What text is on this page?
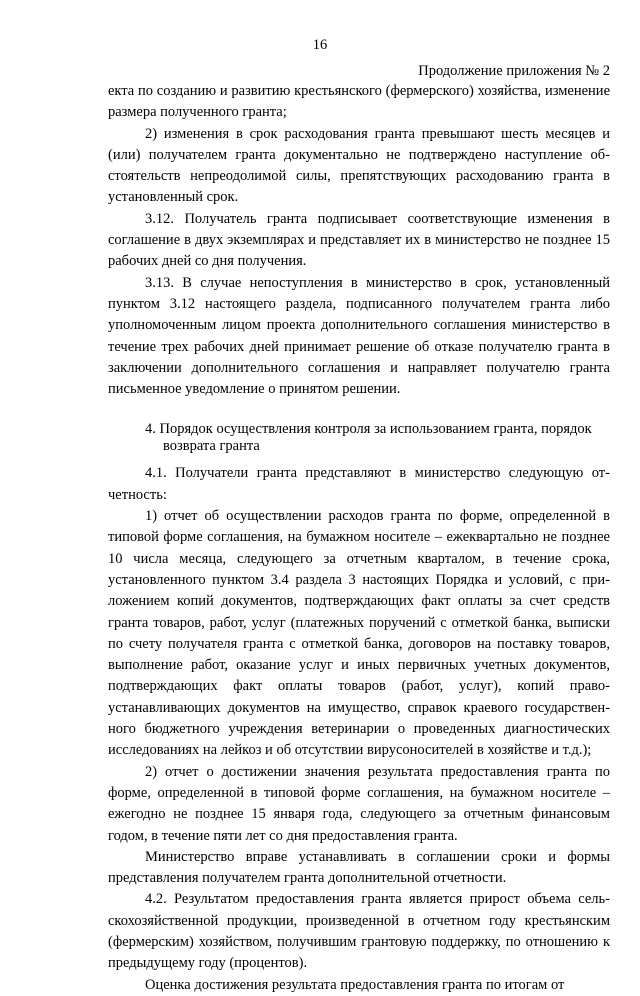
16
Продолжение приложения № 2

екта по созданию и развитию крестьянского (фермерского) хозяйства, изменение размера полученного гранта;

2) изменения в срок расходования гранта превышают шесть месяцев и (или) получателем гранта документально не подтверждено наступление обстоятельств непреодолимой силы, препятствующих расходованию гранта в установленный срок.

3.12. Получатель гранта подписывает соответствующие изменения в соглашение в двух экземплярах и представляет их в министерство не позднее 15 рабочих дней со дня получения.

3.13. В случае непоступления в министерство в срок, установленный пунктом 3.12 настоящего раздела, подписанного получателем гранта либо уполномоченным лицом проекта дополнительного соглашения министерство в течение трех рабочих дней принимает решение об отказе получателю гранта в заключении дополнительного соглашения и направляет получателю гранта письменное уведомление о принятом решении.

4. Порядок осуществления контроля за использованием гранта, порядок
возврата гранта

4.1. Получатели гранта представляют в министерство следующую отчетность:

1) отчет об осуществлении расходов гранта по форме, определенной в типовой форме соглашения, на бумажном носителе – ежеквартально не позднее 10 числа месяца, следующего за отчетным кварталом, в течение срока, установленного пунктом 3.4 раздела 3 настоящих Порядка и условий, с приложением копий документов, подтверждающих факт оплаты за счет средств гранта товаров, работ, услуг (платежных поручений с отметкой банка, выписки по счету получателя гранта с отметкой банка, договоров на поставку товаров, выполнение работ, оказание услуг и иных первичных учетных документов, подтверждающих факт оплаты товаров (работ, услуг), копий правоустанавливающих документов на имущество, справок краевого государственного бюджетного учреждения ветеринарии о проведенных диагностических исследованиях на лейкоз и об отсутствии вирусоносителей в хозяйстве и т.д.);

2) отчет о достижении значения результата предоставления гранта по форме, определенной в типовой форме соглашения, на бумажном носителе – ежегодно не позднее 15 января года, следующего за отчетным финансовым годом, в течение пяти лет со дня предоставления гранта.

Министерство вправе устанавливать в соглашении сроки и формы представления получателем гранта дополнительной отчетности.

4.2. Результатом предоставления гранта является прирост объема сельскохозяйственной продукции, произведенной в отчетном году крестьянским (фермерским) хозяйством, получившим грантовую поддержку, по отношению к предыдущему году (процентов).

Оценка достижения результата предоставления гранта по итогам от
